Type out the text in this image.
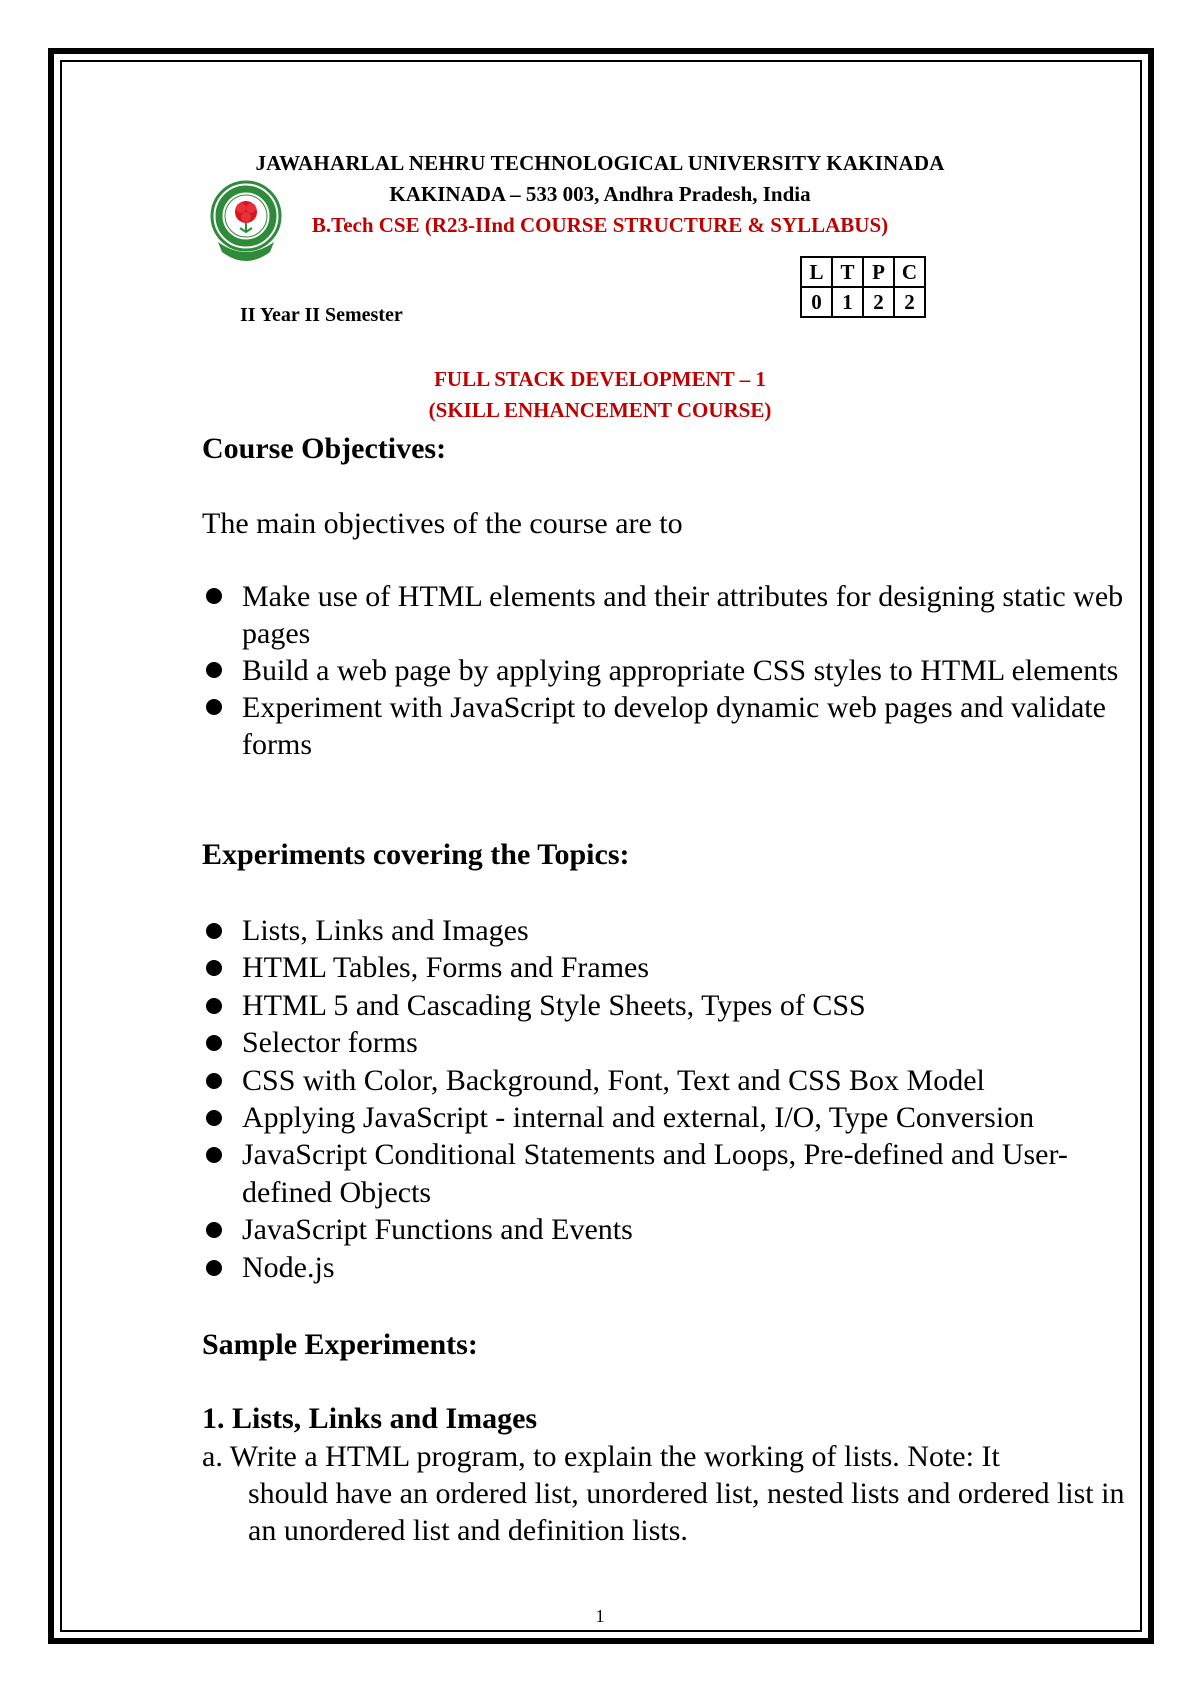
JAWAHARLAL NEHRU TECHNOLOGICAL UNIVERSITY KAKINADA
KAKINADA – 533 003, Andhra Pradesh, India
B.Tech CSE (R23-IInd COURSE STRUCTURE & SYLLABUS)
II Year II Semester
L	T	P	C
0	1	2	2
FULL STACK DEVELOPMENT – 1
(SKILL ENHANCEMENT COURSE)
Course Objectives:
The main objectives of the course are to
Make use of HTML elements and their attributes for designing static web pages
Build a web page by applying appropriate CSS styles to HTML elements
Experiment with JavaScript to develop dynamic web pages and validate forms
Experiments covering the Topics:
Lists, Links and Images
HTML Tables, Forms and Frames
HTML 5 and Cascading Style Sheets, Types of CSS
Selector forms
CSS with Color, Background, Font, Text and CSS Box Model
Applying JavaScript - internal and external, I/O, Type Conversion
JavaScript Conditional Statements and Loops, Pre-defined and User-defined Objects
JavaScript Functions and Events
Node.js
Sample Experiments:
1. Lists, Links and Images
a. Write a HTML program, to explain the working of lists. Note: It
should have an ordered list, unordered list, nested lists and ordered list in an unordered list and definition lists.
1
